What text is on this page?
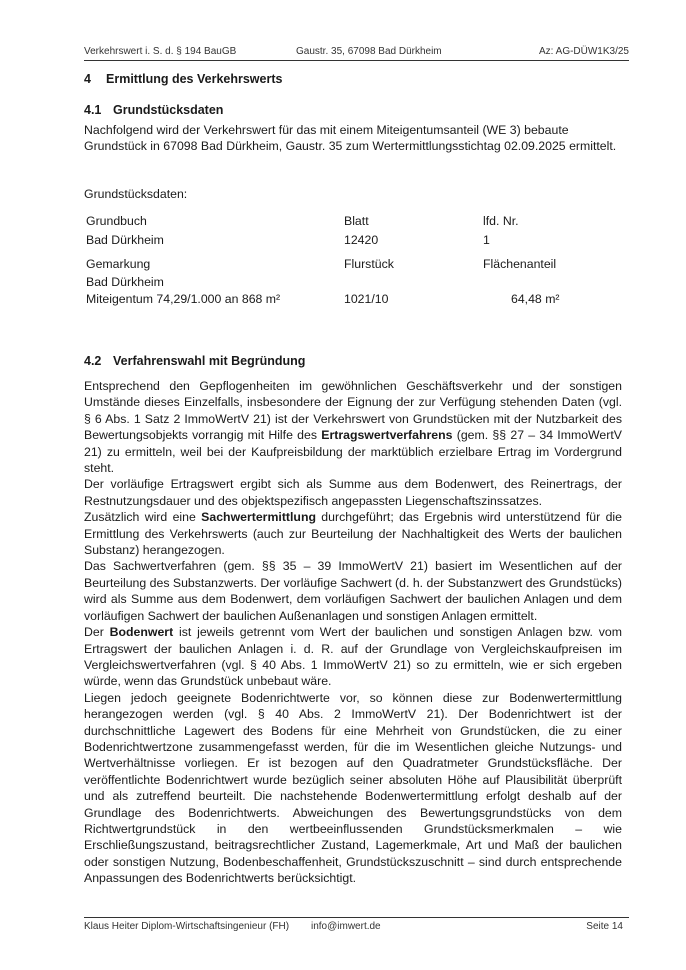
Verkehrswert i. S. d. § 194 BauGB	Gaustr. 35, 67098 Bad Dürkheim	Az: AG-DÜW1K3/25
4 Ermittlung des Verkehrswerts
4.1 Grundstücksdaten
Nachfolgend wird der Verkehrswert für das mit einem Miteigentumsanteil (WE 3) bebaute Grundstück in 67098 Bad Dürkheim, Gaustr. 35 zum Wertermittlungsstichtag 02.09.2025 ermittelt.
Grundstücksdaten:
Grundbuch	Blatt	lfd. Nr.
Bad Dürkheim	12420	1
Gemarkung	Flurstück	Flächenanteil
Bad Dürkheim
Miteigentum 74,29/1.000 an 868 m²	1021/10	64,48 m²
4.2 Verfahrenswahl mit Begründung

Entsprechend den Gepflogenheiten im gewöhnlichen Geschäftsverkehr und der sonstigen Umstände dieses Einzelfalls, insbesondere der Eignung der zur Verfügung stehenden Daten (vgl. § 6 Abs. 1 Satz 2 ImmoWertV 21) ist der Verkehrswert von Grundstücken mit der Nutzbarkeit des Bewertungsobjekts vorrangig mit Hilfe des Ertragswertverfahrens (gem. §§ 27 – 34 ImmoWertV 21) zu ermitteln, weil bei der Kaufpreisbildung der marktüblich erzielbare Ertrag im Vordergrund steht.

Der vorläufige Ertragswert ergibt sich als Summe aus dem Bodenwert, des Reinertrags, der Restnutzungsdauer und des objektspezifisch angepassten Liegenschaftszinssatzes.

Zusätzlich wird eine Sachwertermittlung durchgeführt; das Ergebnis wird unterstützend für die Ermittlung des Verkehrswerts (auch zur Beurteilung der Nachhaltigkeit des Werts der baulichen Substanz) herangezogen.

Das Sachwertverfahren (gem. §§ 35 – 39 ImmoWertV 21) basiert im Wesentlichen auf der Beurteilung des Substanzwerts. Der vorläufige Sachwert (d. h. der Substanzwert des Grundstücks) wird als Summe aus dem Bodenwert, dem vorläufigen Sachwert der baulichen Anlagen und dem vorläufigen Sachwert der baulichen Außenanlagen und sonstigen Anlagen ermittelt.

Der Bodenwert ist jeweils getrennt vom Wert der baulichen und sonstigen Anlagen bzw. vom Ertragswert der baulichen Anlagen i. d. R. auf der Grundlage von Vergleichskaufpreisen im Vergleichswertverfahren (vgl. § 40 Abs. 1 ImmoWertV 21) so zu ermitteln, wie er sich ergeben würde, wenn das Grundstück unbebaut wäre.

Liegen jedoch geeignete Bodenrichtwerte vor, so können diese zur Bodenwertermittlung herangezogen werden (vgl. § 40 Abs. 2 ImmoWertV 21). Der Bodenrichtwert ist der durchschnittliche Lagewert des Bodens für eine Mehrheit von Grundstücken, die zu einer Bodenrichtwertzone zusammengefasst werden, für die im Wesentlichen gleiche Nutzungs- und Wertverhältnisse vorliegen. Er ist bezogen auf den Quadratmeter Grundstücksfläche. Der veröffentlichte Bodenrichtwert wurde bezüglich seiner absoluten Höhe auf Plausibilität überprüft und als zutreffend beurteilt. Die nachstehende Bodenwertermittlung erfolgt deshalb auf der Grundlage des Bodenrichtwerts. Abweichungen des Bewertungsgrundstücks von dem Richtwertgrundstück in den wertbeeinflussenden Grundstücksmerkmalen – wie Erschließungszustand, beitragsrechtlicher Zustand, Lagemerkmale, Art und Maß der baulichen oder sonstigen Nutzung, Bodenbeschaffenheit, Grundstückszuschnitt – sind durch entsprechende Anpassungen des Bodenrichtwerts berücksichtigt.

Klaus Heiter Diplom-Wirtschaftsingenieur (FH) info@imwert.de	Seite 14
